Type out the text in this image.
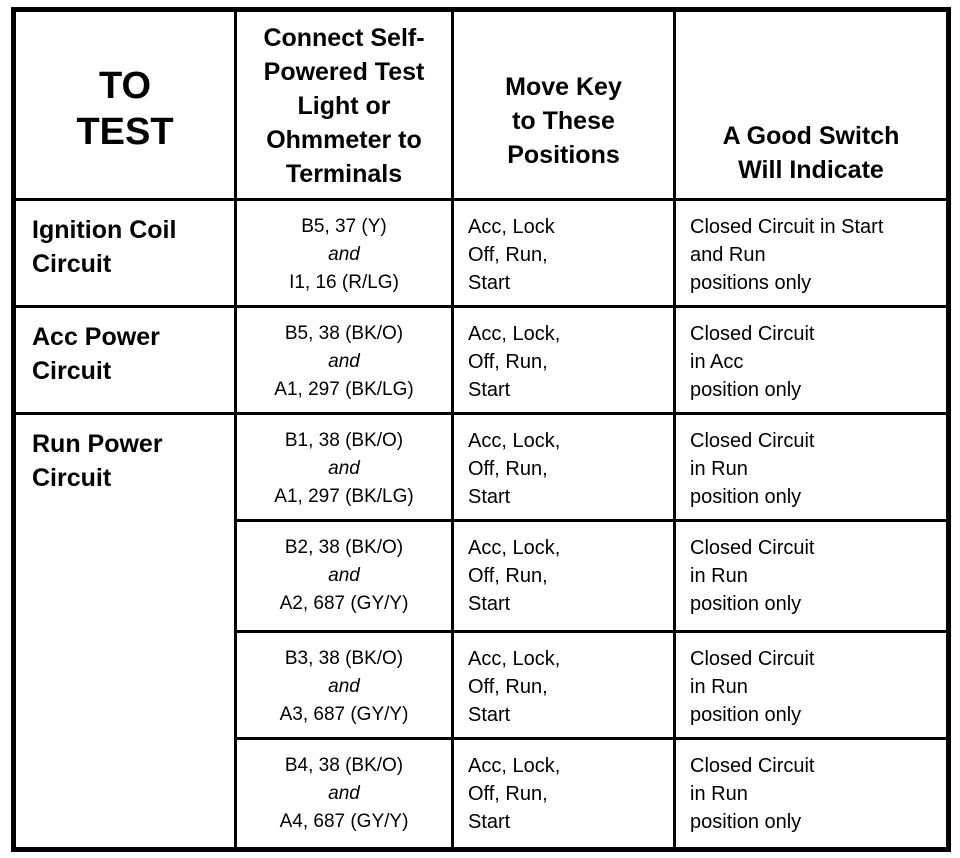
TO
TEST	Connect Self-
Powered Test
Light or
Ohmmeter to
Terminals	Move Key
to These
Positions	A Good Switch
Will Indicate

Ignition Coil
Circuit	B5, 37 (Y)
and
I1, 16 (R/LG)	Acc, Lock
Off, Run,
Start	Closed Circuit in Start
and Run
positions only

Acc Power
Circuit	B5, 38 (BK/O)
and
A1, 297 (BK/LG)	Acc, Lock,
Off, Run,
Start	Closed Circuit
in Acc
position only

Run Power
Circuit	B1, 38 (BK/O)
and
A1, 297 (BK/LG)	Acc, Lock,
Off, Run,
Start	Closed Circuit
in Run
position only

	B2, 38 (BK/O)
and
A2, 687 (GY/Y)	Acc, Lock,
Off, Run,
Start	Closed Circuit
in Run
position only

	B3, 38 (BK/O)
and
A3, 687 (GY/Y)	Acc, Lock,
Off, Run,
Start	Closed Circuit
in Run
position only

	B4, 38 (BK/O)
and
A4, 687 (GY/Y)	Acc, Lock,
Off, Run,
Start	Closed Circuit
in Run
position only
